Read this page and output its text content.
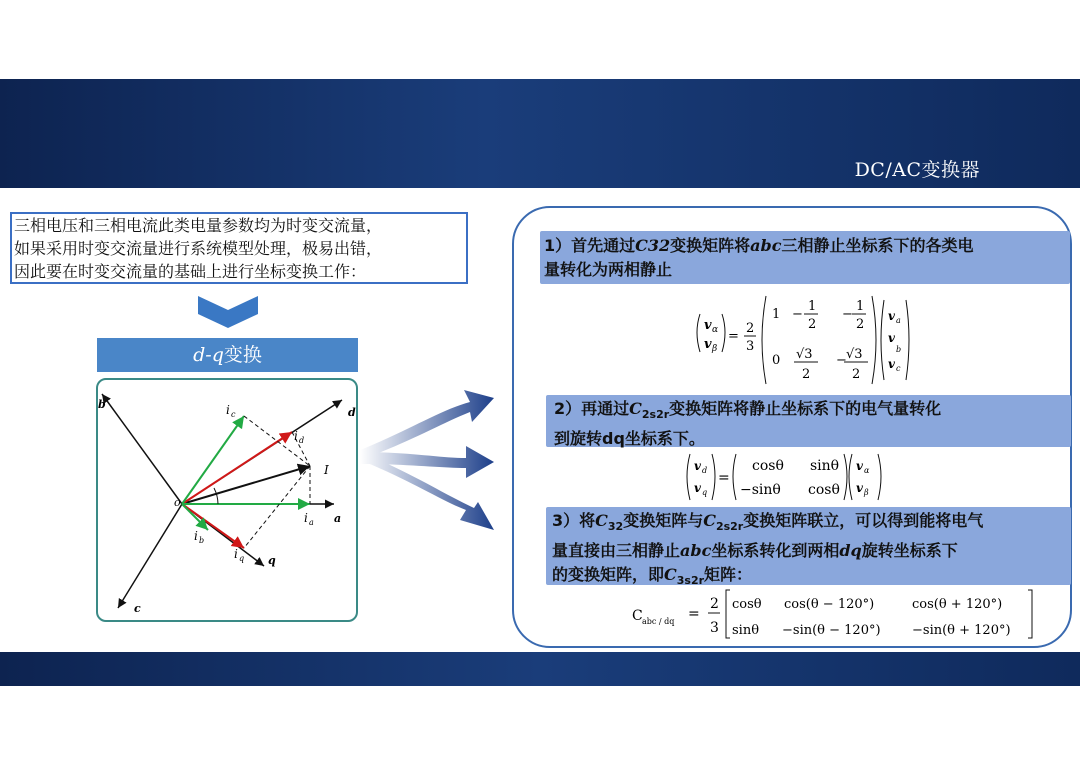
DC/AC变换器
三相电压和三相电流此类电量参数均为时变交流量，
如果采用时变交流量进行系统模型处理，极易出错，
因此要在时变交流量的基础上进行坐标变换工作：
d-q变换
b
d
i c
i d
I
o
i a a
i b
i q q
c
1）首先通过C32变换矩阵将abc三相静止坐标系下的各类电
量转化为两相静止
v α
v β
=
2
3
1 −
1
2
−
1
2
0 √3
2
− √3
2
v a
v
b
v c
2）再通过$C_{2s2r}$变换矩阵将静止坐标系下的电气量转化
到旋转dq坐标系下。
v d
v q
=
cosθ sinθ
−sinθ cosθ
v α
v β
3）将$C_{32}$变换矩阵与$C_{2s2r}$变换矩阵联立，可以得到能将电气
量直接由三相静止abc坐标系转化到两相dq旋转坐标系下
的变换矩阵，即$C_{3s2r}$矩阵：
C abc / dq =
2
3
cosθ cos(θ − 120°)	cos(θ + 120°)
sinθ −sin(θ − 120°) −sin(θ + 120°)
